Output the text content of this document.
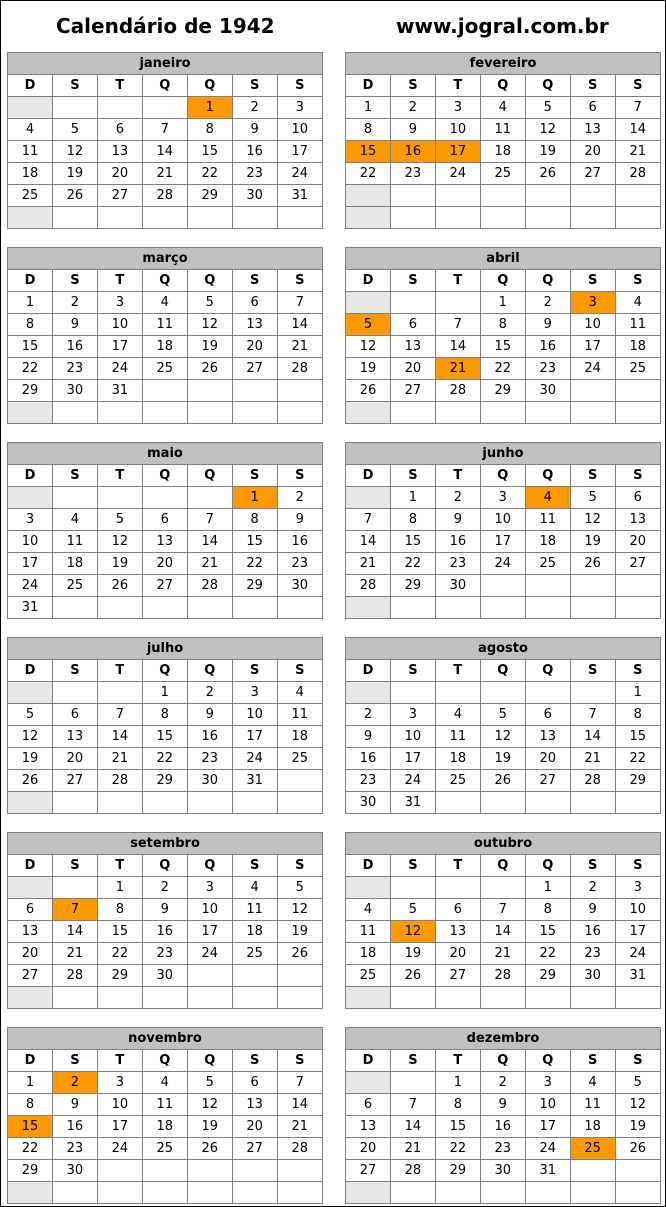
Calendário de 1942	www.jogral.com.br
janeiro						
D	S	T	Q	Q	S	S
				1	2	3
4	5	6	7	8	9	10
11	12	13	14	15	16	17
18	19	20	21	22	23	24
25	26	27	28	29	30	31

fevereiro						
D	S	T	Q	Q	S	S
1	2	3	4	5	6	7
8	9	10	11	12	13	14
15	16	17	18	19	20	21
22	23	24	25	26	27	28

março						
D	S	T	Q	Q	S	S
1	2	3	4	5	6	7
8	9	10	11	12	13	14
15	16	17	18	19	20	21
22	23	24	25	26	27	28
29	30	31				

abril						
D	S	T	Q	Q	S	S
			1	2	3	4
5	6	7	8	9	10	11
12	13	14	15	16	17	18
19	20	21	22	23	24	25
26	27	28	29	30		

maio						
D	S	T	Q	Q	S	S
					1	2
3	4	5	6	7	8	9
10	11	12	13	14	15	16
17	18	19	20	21	22	23
24	25	26	27	28	29	30
31						
junho						
D	S	T	Q	Q	S	S
	1	2	3	4	5	6
7	8	9	10	11	12	13
14	15	16	17	18	19	20
21	22	23	24	25	26	27
28	29	30				

julho						
D	S	T	Q	Q	S	S
			1	2	3	4
5	6	7	8	9	10	11
12	13	14	15	16	17	18
19	20	21	22	23	24	25
26	27	28	29	30	31	

agosto						
D	S	T	Q	Q	S	S
						1
2	3	4	5	6	7	8
9	10	11	12	13	14	15
16	17	18	19	20	21	22
23	24	25	26	27	28	29
30	31					
setembro						
D	S	T	Q	Q	S	S
		1	2	3	4	5
6	7	8	9	10	11	12
13	14	15	16	17	18	19
20	21	22	23	24	25	26
27	28	29	30			

outubro						
D	S	T	Q	Q	S	S
				1	2	3
4	5	6	7	8	9	10
11	12	13	14	15	16	17
18	19	20	21	22	23	24
25	26	27	28	29	30	31

novembro						
D	S	T	Q	Q	S	S
1	2	3	4	5	6	7
8	9	10	11	12	13	14
15	16	17	18	19	20	21
22	23	24	25	26	27	28
29	30					

dezembro						
D	S	T	Q	Q	S	S
		1	2	3	4	5
6	7	8	9	10	11	12
13	14	15	16	17	18	19
20	21	22	23	24	25	26
27	28	29	30	31		
